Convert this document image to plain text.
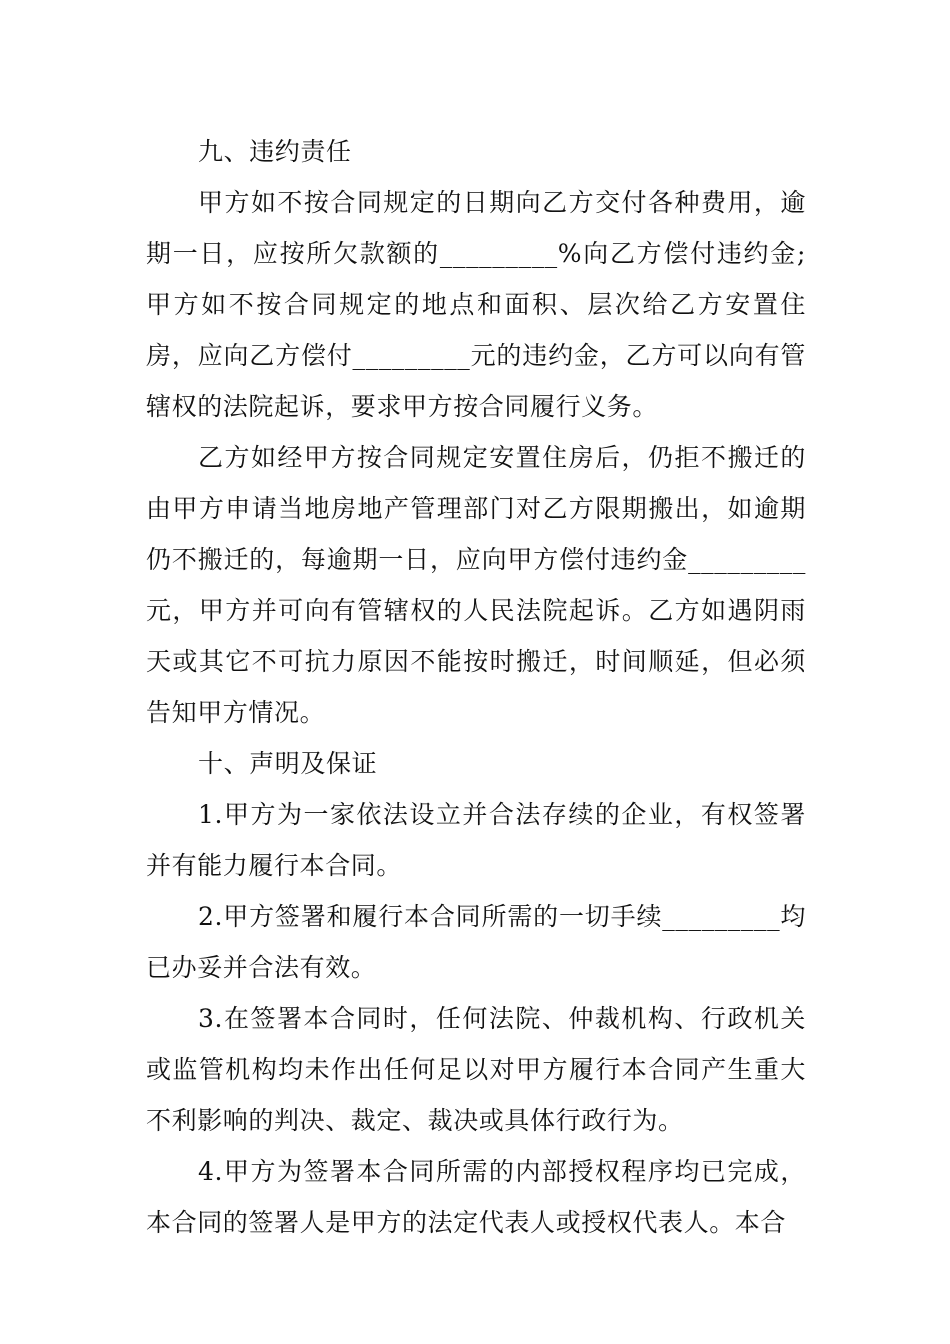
九、违约责任

甲方如不按合同规定的日期向乙方交付各种费用，逾期一日，应按所欠款额的_________%向乙方偿付违约金;甲方如不按合同规定的地点和面积、层次给乙方安置住房，应向乙方偿付_________元的违约金，乙方可以向有管辖权的法院起诉，要求甲方按合同履行义务。

乙方如经甲方按合同规定安置住房后，仍拒不搬迁的由甲方申请当地房地产管理部门对乙方限期搬出，如逾期仍不搬迁的，每逾期一日，应向甲方偿付违约金_________元，甲方并可向有管辖权的人民法院起诉。乙方如遇阴雨天或其它不可抗力原因不能按时搬迁，时间顺延，但必须告知甲方情况。

十、声明及保证

1.甲方为一家依法设立并合法存续的企业，有权签署并有能力履行本合同。

2.甲方签署和履行本合同所需的一切手续_________均已办妥并合法有效。

3.在签署本合同时，任何法院、仲裁机构、行政机关或监管机构均未作出任何足以对甲方履行本合同产生重大不利影响的判决、裁定、裁决或具体行政行为。

4.甲方为签署本合同所需的内部授权程序均已完成，本合同的签署人是甲方的法定代表人或授权代表人。本合
